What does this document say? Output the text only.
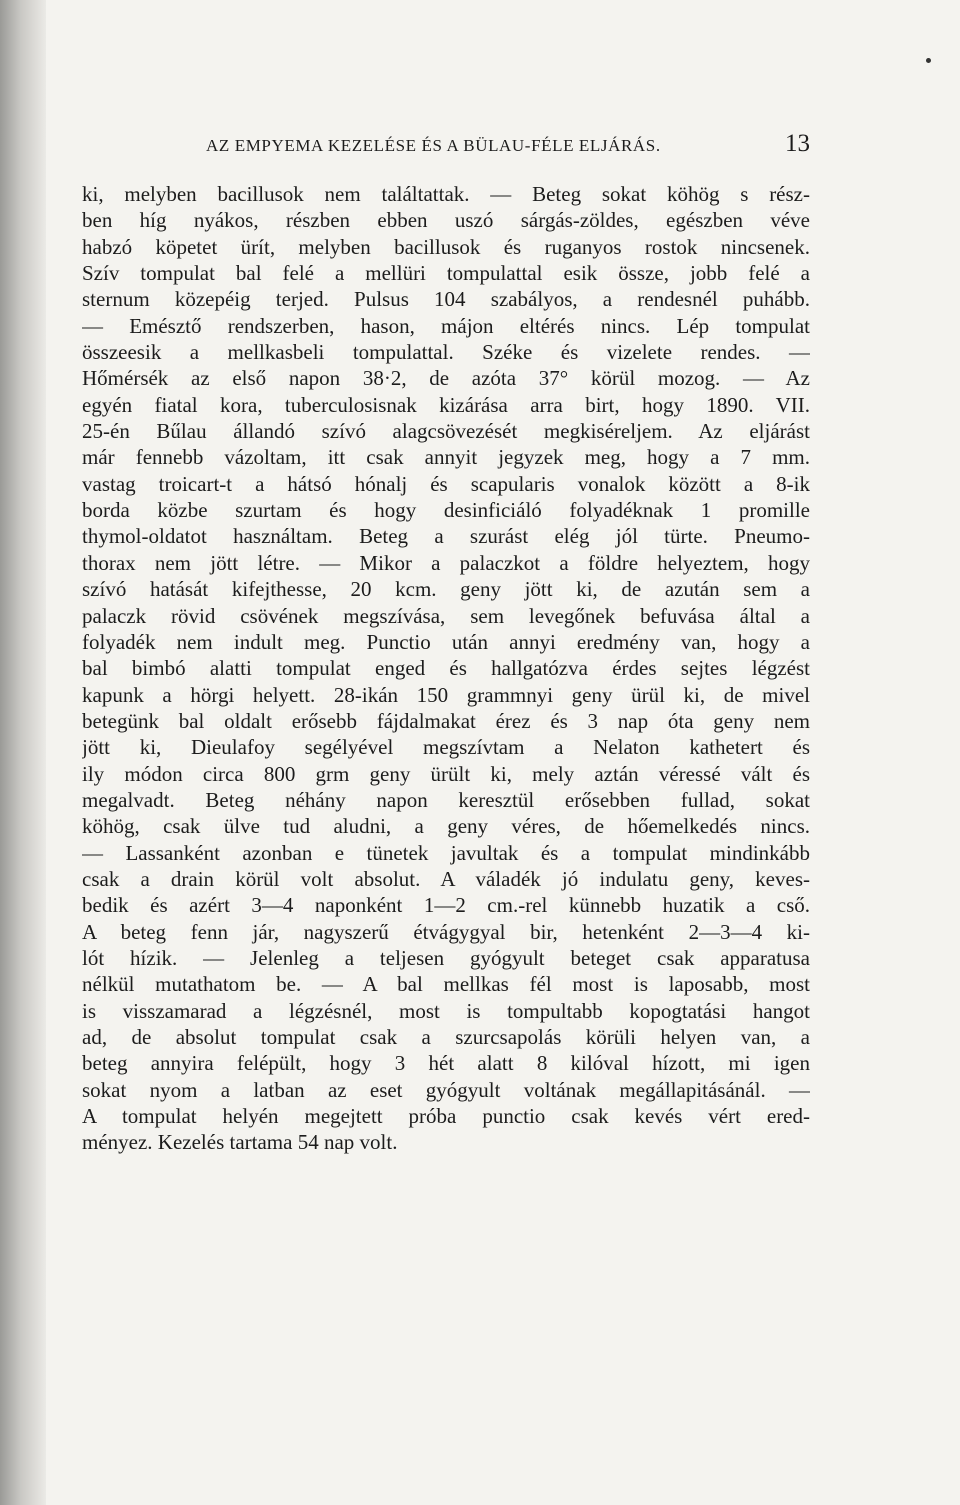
AZ EMPYEMA KEZELÉSE ÉS A BÜLAU-FÉLE ELJÁRÁS.	13
ki, melyben bacillusok nem találtattak. — Beteg sokat köhög s rész-
ben híg nyákos, részben ebben uszó sárgás-zöldes, egészben véve
habzó köpetet ürít, melyben bacillusok és ruganyos rostok nincsenek.
Szív tompulat bal felé a mellüri tompulattal esik össze, jobb felé a
sternum közepéig terjed. Pulsus 104 szabályos, a rendesnél puhább.
— Emésztő rendszerben, hason, májon eltérés nincs. Lép tompulat
összeesik a mellkasbeli tompulattal. Széke és vizelete rendes. —
Hőmérsék az első napon 38·2, de azóta 37° körül mozog. — Az
egyén fiatal kora, tuberculosisnak kizárása arra birt, hogy 1890. VII.
25-én Bűlau állandó szívó alagcsövezését megkiséreljem. Az eljárást
már fennebb vázoltam, itt csak annyit jegyzek meg, hogy a 7 mm.
vastag troicart-t a hátsó hónalj és scapularis vonalok között a 8-ik
borda közbe szurtam és hogy desinficiáló folyadéknak 1 promille
thymol-oldatot használtam. Beteg a szurást elég jól türte. Pneumo-
thorax nem jött létre. — Mikor a palaczkot a földre helyeztem, hogy
szívó hatását kifejthesse, 20 kcm. geny jött ki, de azután sem a
palaczk rövid csövének megszívása, sem levegőnek befuvása által a
folyadék nem indult meg. Punctio után annyi eredmény van, hogy a
bal bimbó alatti tompulat enged és hallgatózva érdes sejtes légzést
kapunk a hörgi helyett. 28-ikán 150 grammnyi geny ürül ki, de mivel
betegünk bal oldalt erősebb fájdalmakat érez és 3 nap óta geny nem
jött ki, Dieulafoy segélyével megszívtam a Nelaton kathetert és
ily módon circa 800 grm geny ürült ki, mely aztán véressé vált és
megalvadt. Beteg néhány napon keresztül erősebben fullad, sokat
köhög, csak ülve tud aludni, a geny véres, de hőemelkedés nincs.
— Lassanként azonban e tünetek javultak és a tompulat mindinkább
csak a drain körül volt absolut. A váladék jó indulatu geny, keves-
bedik és azért 3—4 naponként 1—2 cm.-rel künnebb huzatik a cső.
A beteg fenn jár, nagyszerű étvágygyal bir, hetenként 2—3—4 ki-
lót hízik. — Jelenleg a teljesen gyógyult beteget csak apparatusa
nélkül mutathatom be. — A bal mellkas fél most is laposabb, most
is visszamarad a légzésnél, most is tompultabb kopogtatási hangot
ad, de absolut tompulat csak a szurcsapolás körüli helyen van, a
beteg annyira felépült, hogy 3 hét alatt 8 kilóval hízott, mi igen
sokat nyom a latban az eset gyógyult voltának megállapitásánál. —
A tompulat helyén megejtett próba punctio csak kevés vért ered-
ményez. Kezelés tartama 54 nap volt.
